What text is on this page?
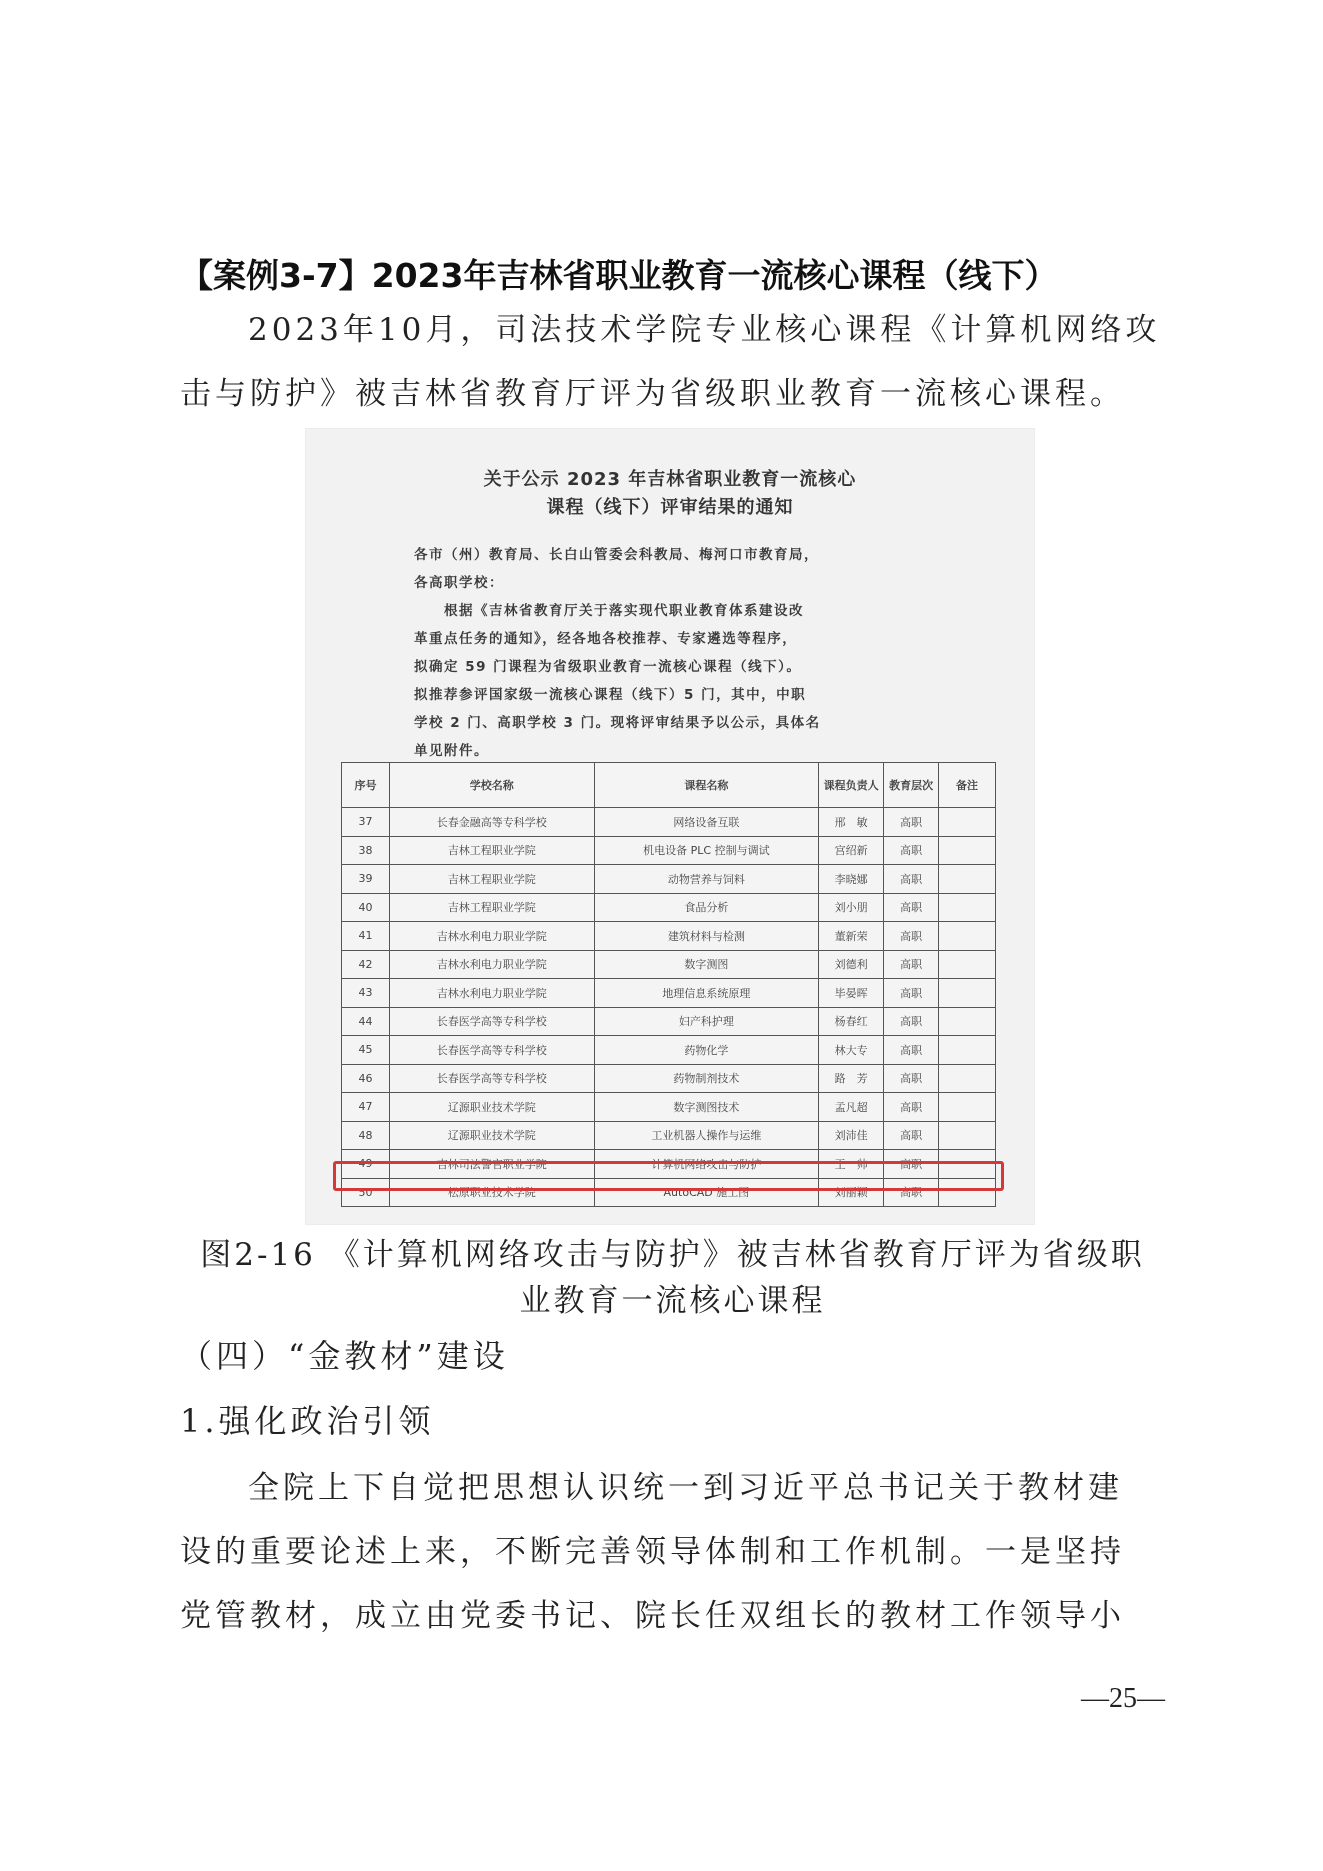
【案例3-7】2023年吉林省职业教育一流核心课程（线下）
2023年10月，司法技术学院专业核心课程《计算机网络攻
击与防护》被吉林省教育厅评为省级职业教育一流核心课程。
关于公示 2023 年吉林省职业教育一流核心
课程（线下）评审结果的通知
各市（州）教育局、长白山管委会科教局、梅河口市教育局，
各高职学校：
根据《吉林省教育厅关于落实现代职业教育体系建设改
革重点任务的通知》，经各地各校推荐、专家遴选等程序，
拟确定 59 门课程为省级职业教育一流核心课程（线下）。
拟推荐参评国家级一流核心课程（线下）5 门，其中，中职
学校 2 门、高职学校 3 门。现将评审结果予以公示，具体名
单见附件。
序号	学校名称	课程名称	课程负责人	教育层次	备注
37	长春金融高等专科学校	网络设备互联	邢　敏	高职	
38	吉林工程职业学院	机电设备 PLC 控制与调试	宫绍新	高职	
39	吉林工程职业学院	动物营养与饲料	李晓娜	高职	
40	吉林工程职业学院	食品分析	刘小朋	高职	
41	吉林水利电力职业学院	建筑材料与检测	董新荣	高职	
42	吉林水利电力职业学院	数字测图	刘德利	高职	
43	吉林水利电力职业学院	地理信息系统原理	毕晏晖	高职	
44	长春医学高等专科学校	妇产科护理	杨春红	高职	
45	长春医学高等专科学校	药物化学	林大专	高职	
46	长春医学高等专科学校	药物制剂技术	路　芳	高职	
47	辽源职业技术学院	数字测图技术	孟凡超	高职	
48	辽源职业技术学院	工业机器人操作与运维	刘沛佳	高职	
49	吉林司法警官职业学院	计算机网络攻击与防护	王　帅	高职	
50	松原职业技术学院	AutoCAD 施工图	刘丽颖	高职	
图2-16 《计算机网络攻击与防护》被吉林省教育厅评为省级职
业教育一流核心课程
（四）“金教材”建设
1.强化政治引领
全院上下自觉把思想认识统一到习近平总书记关于教材建
设的重要论述上来，不断完善领导体制和工作机制。一是坚持
党管教材，成立由党委书记、院长任双组长的教材工作领导小
—25—
